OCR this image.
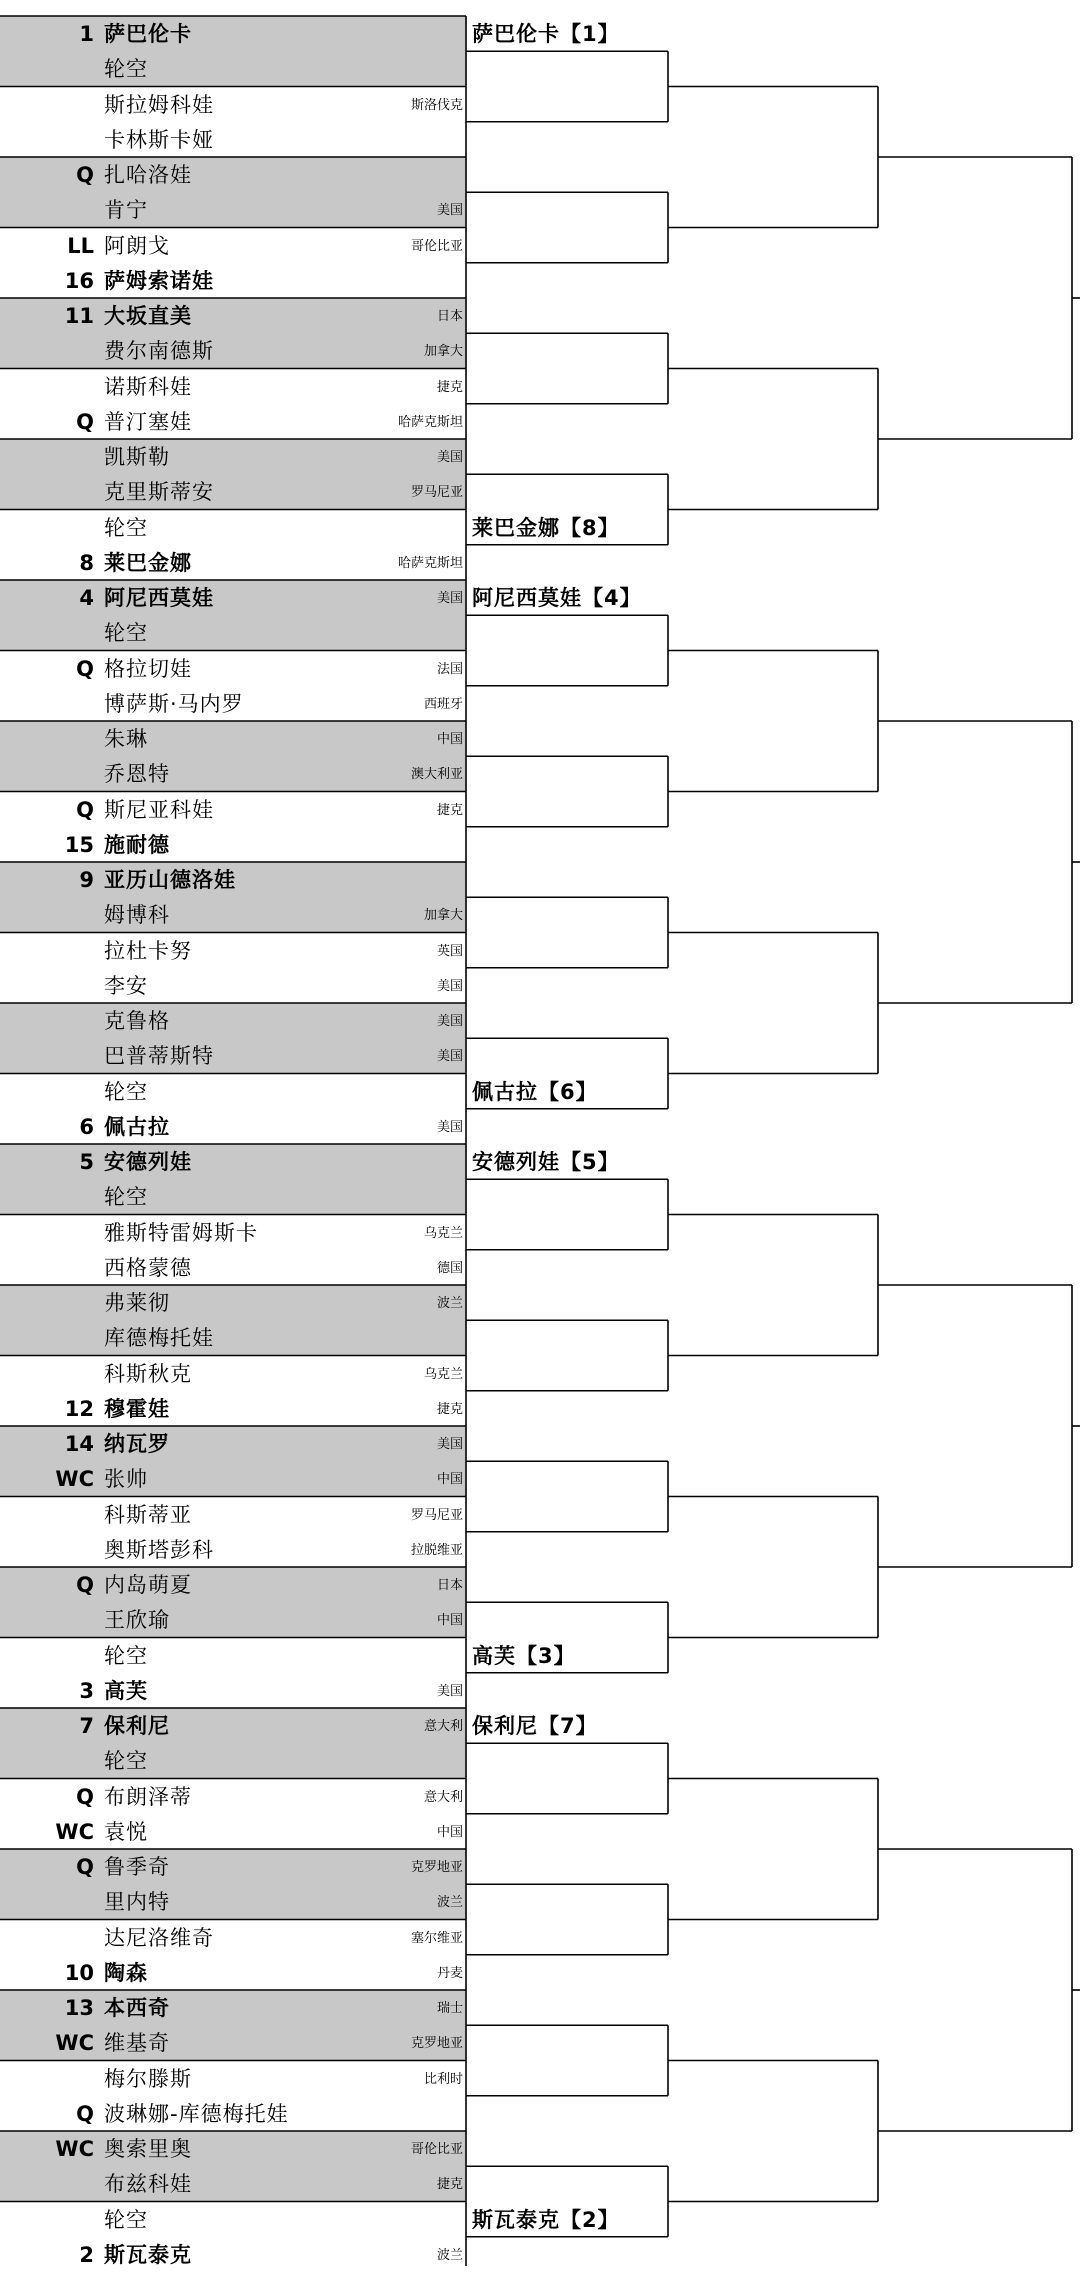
1 萨巴伦卡
轮空
斯拉姆科娃	斯洛伐克
卡林斯卡娅
Q 扎哈洛娃
肯宁	美国
LL 阿朗戈	哥伦比亚
16 萨姆索诺娃
11 大坂直美	日本
费尔南德斯	加拿大
诺斯科娃	捷克
Q 普汀塞娃	哈萨克斯坦
凯斯勒	美国
克里斯蒂安	罗马尼亚
轮空
8 莱巴金娜	哈萨克斯坦
4 阿尼西莫娃	美国
轮空
Q 格拉切娃	法国
博萨斯·马内罗	西班牙
朱琳	中国
乔恩特	澳大利亚
Q 斯尼亚科娃	捷克
15 施耐德
9 亚历山德洛娃
姆博科	加拿大
拉杜卡努	英国
李安	美国
克鲁格	美国
巴普蒂斯特	美国
轮空
6 佩古拉	美国
5 安德列娃
轮空
雅斯特雷姆斯卡	乌克兰
西格蒙德	德国
弗莱彻	波兰
库德梅托娃
科斯秋克	乌克兰
12 穆霍娃	捷克
14 纳瓦罗	美国
WC 张帅	中国
科斯蒂亚	罗马尼亚
奥斯塔彭科	拉脱维亚
Q 内岛萌夏	日本
王欣瑜	中国
轮空
3 高芙	美国
7 保利尼	意大利
轮空
Q 布朗泽蒂	意大利
WC 袁悦	中国
Q 鲁季奇	克罗地亚
里内特	波兰
达尼洛维奇	塞尔维亚
10 陶森	丹麦
13 本西奇	瑞士
WC 维基奇	克罗地亚
梅尔滕斯	比利时
Q 波琳娜-库德梅托娃
WC 奥索里奥	哥伦比亚
布兹科娃	捷克
轮空
2 斯瓦泰克	波兰
萨巴伦卡【1】
莱巴金娜【8】
阿尼西莫娃【4】
佩古拉【6】
安德列娃【5】
高芙【3】
保利尼【7】
斯瓦泰克【2】
